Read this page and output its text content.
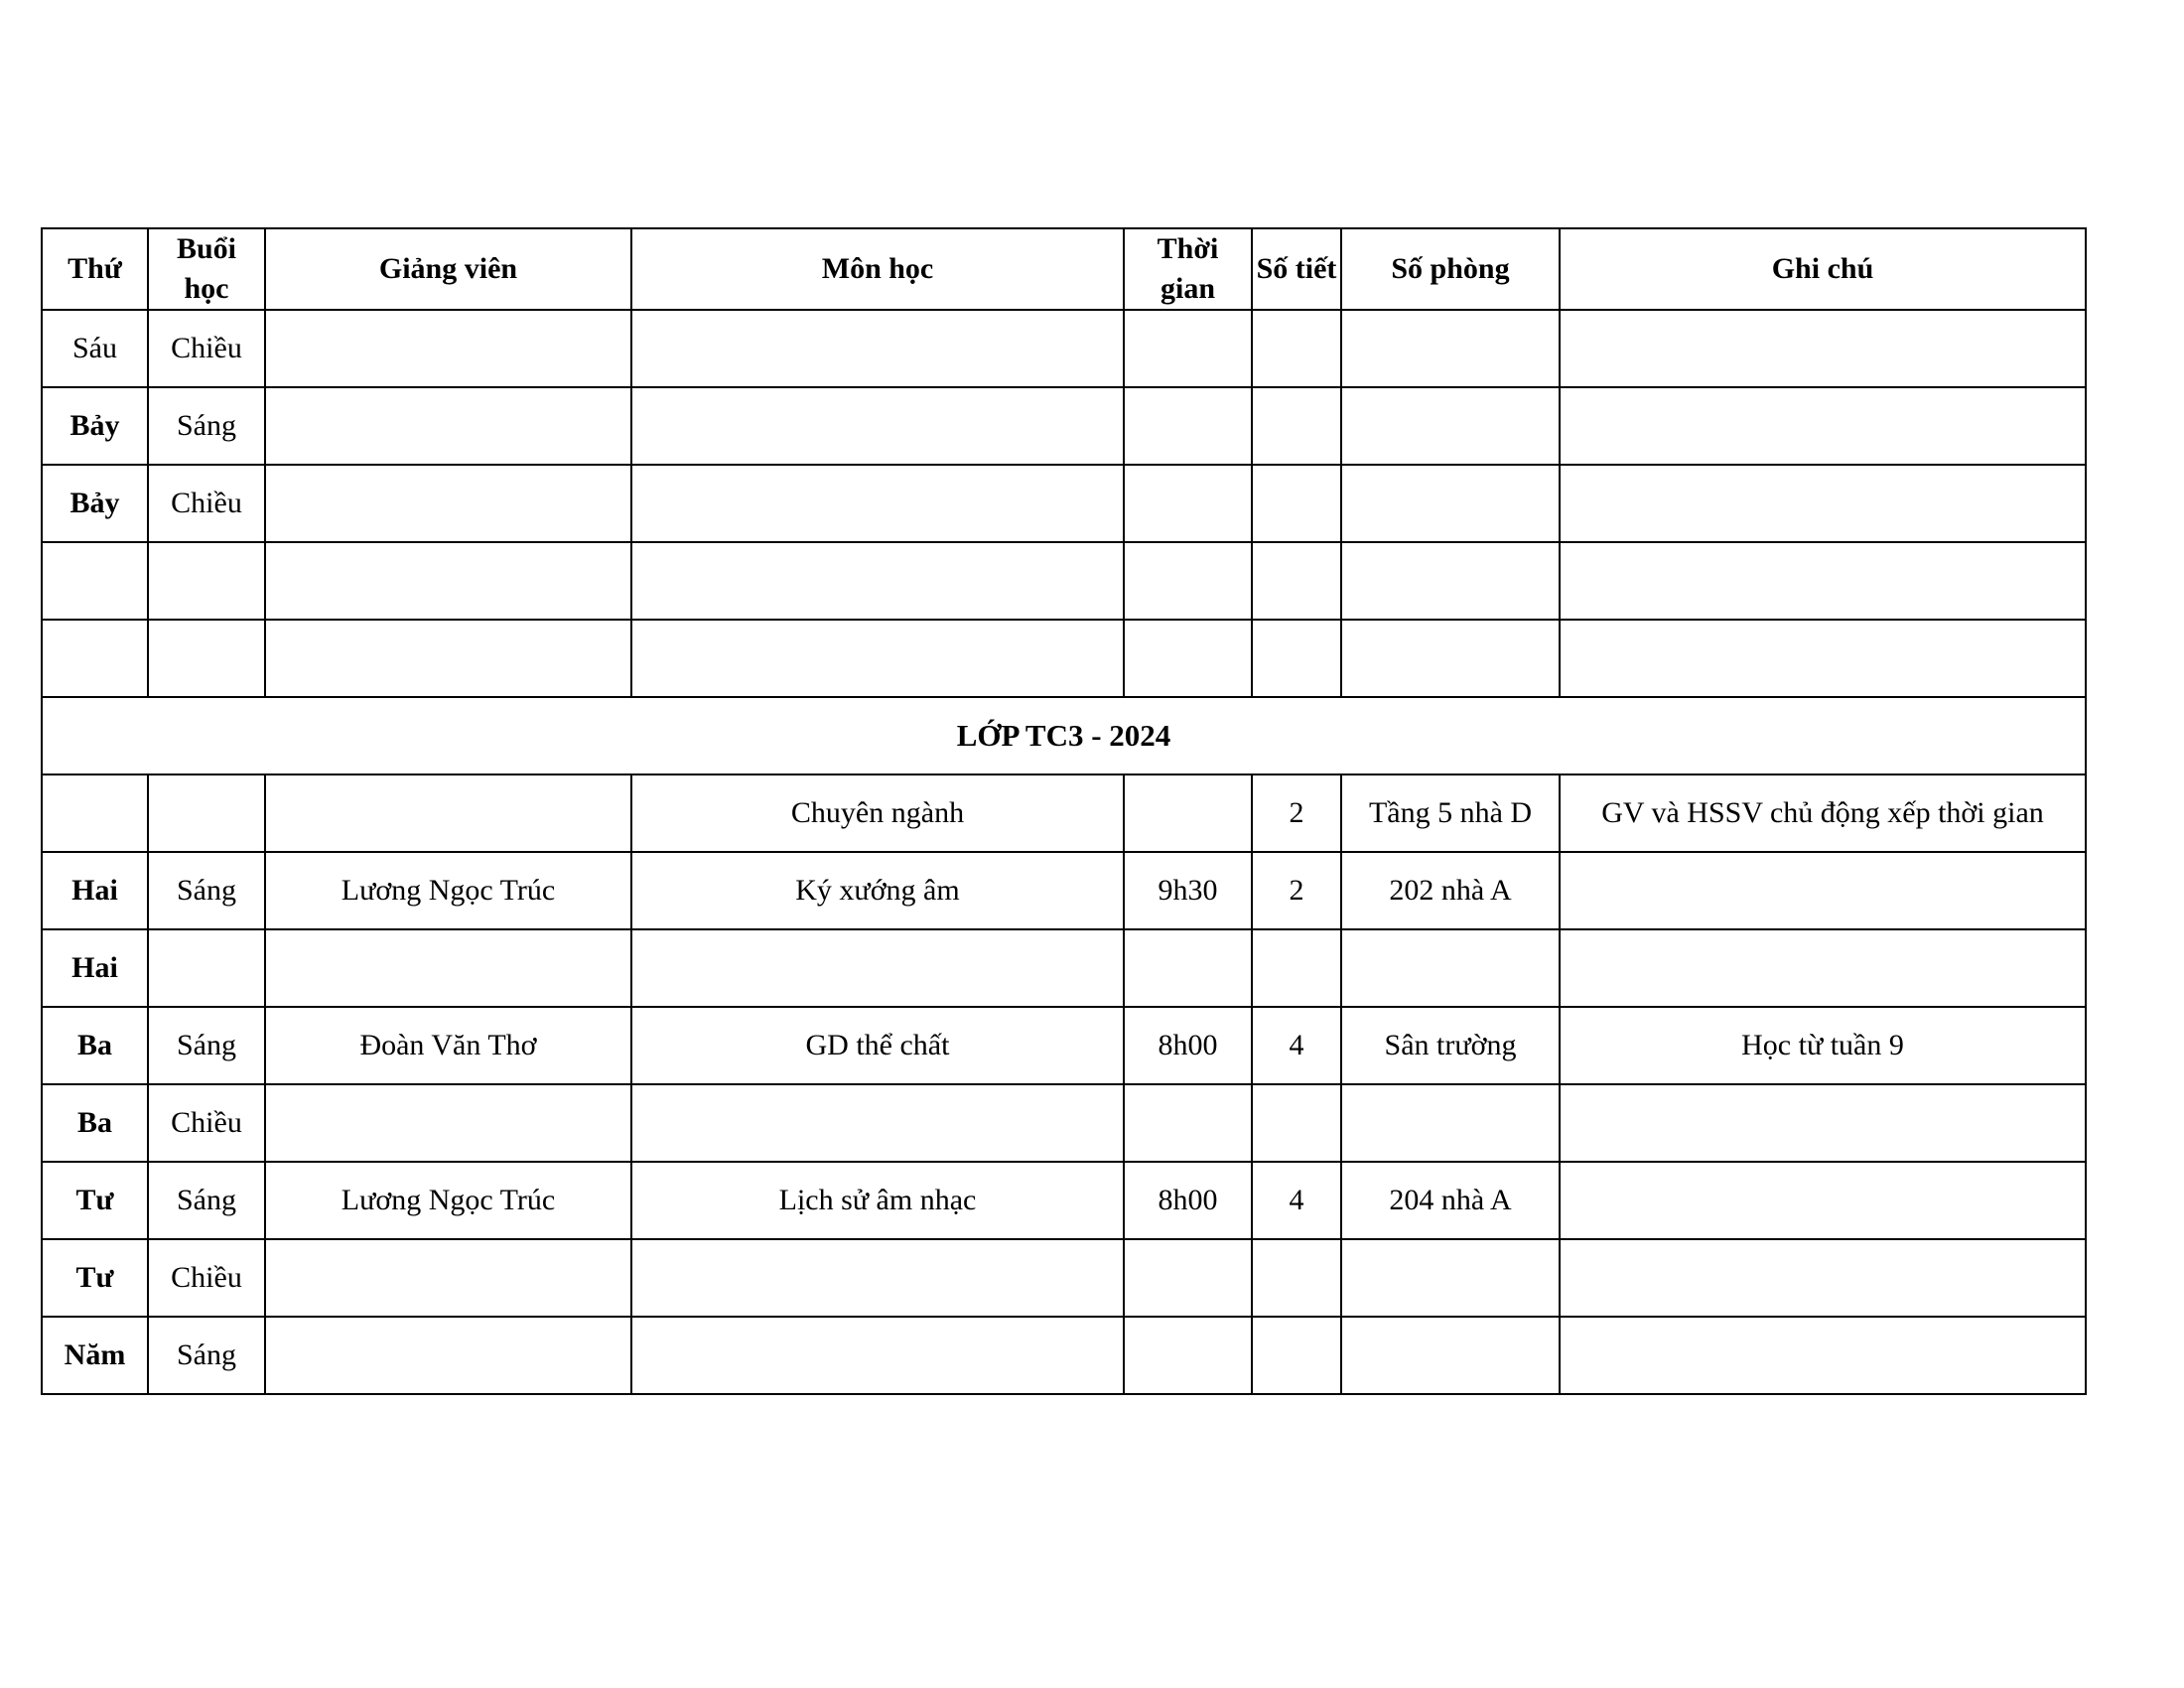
Thứ	Buổi học	Giảng viên	Môn học	Thời gian	Số tiết	Số phòng	Ghi chú
Sáu	Chiều						
Bảy	Sáng						
Bảy	Chiều						

LỚP TC3 - 2024							
			Chuyên ngành		2	Tầng 5 nhà D	GV và HSSV chủ động xếp thời gian
Hai	Sáng	Lương Ngọc Trúc	Ký xướng âm	9h30	2	202 nhà A	
Hai							
Ba	Sáng	Đoàn Văn Thơ	GD thể chất	8h00	4	Sân trường	Học từ tuần 9
Ba	Chiều						
Tư	Sáng	Lương Ngọc Trúc	Lịch sử âm nhạc	8h00	4	204 nhà A	
Tư	Chiều						
Năm	Sáng						
